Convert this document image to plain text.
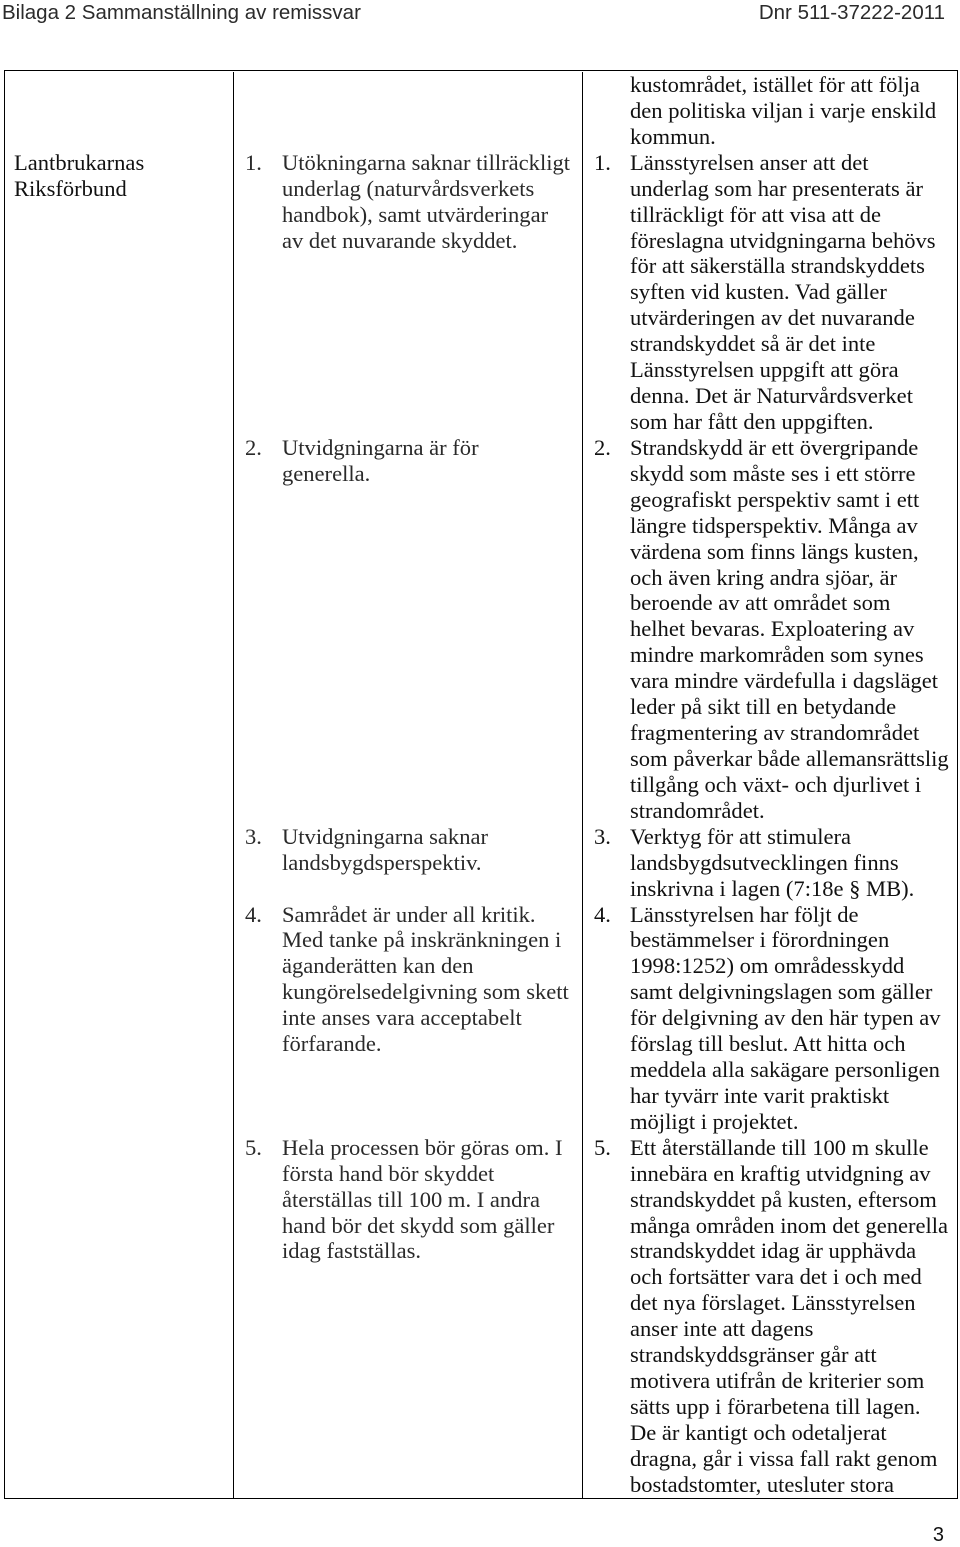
Bilaga 2 Sammanställning av remissvar	Dnr 511-37222-2011
Lantbrukarnas
Riksförbund
kustområdet, istället för att följa
den politiska viljan i varje enskild
kommun.
1. Utökningarna saknar tillräckligt
underlag (naturvårdsverkets
handbok), samt utvärderingar
av det nuvarande skyddet.
1. Länsstyrelsen anser att det
underlag som har presenterats är
tillräckligt för att visa att de
föreslagna utvidgningarna behövs
för att säkerställa strandskyddets
syften vid kusten. Vad gäller
utvärderingen av det nuvarande
strandskyddet så är det inte
Länsstyrelsen uppgift att göra
denna. Det är Naturvårdsverket
som har fått den uppgiften.
2. Utvidgningarna är för
generella.
2. Strandskydd är ett övergripande
skydd som måste ses i ett större
geografiskt perspektiv samt i ett
längre tidsperspektiv. Många av
värdena som finns längs kusten,
och även kring andra sjöar, är
beroende av att området som
helhet bevaras. Exploatering av
mindre markområden som synes
vara mindre värdefulla i dagsläget
leder på sikt till en betydande
fragmentering av strandområdet
som påverkar både allemansrättslig
tillgång och växt- och djurlivet i
strandområdet.
3. Utvidgningarna saknar
landsbygdsperspektiv.
3. Verktyg för att stimulera
landsbygdsutvecklingen finns
inskrivna i lagen (7:18e § MB).
4. Samrådet är under all kritik.
Med tanke på inskränkningen i
äganderätten kan den
kungörelsedelgivning som skett
inte anses vara acceptabelt
förfarande.
4. Länsstyrelsen har följt de
bestämmelser i förordningen
1998:1252) om områdesskydd
samt delgivningslagen som gäller
för delgivning av den här typen av
förslag till beslut. Att hitta och
meddela alla sakägare personligen
har tyvärr inte varit praktiskt
möjligt i projektet.
5. Hela processen bör göras om. I
första hand bör skyddet
återställas till 100 m. I andra
hand bör det skydd som gäller
idag fastställas.
5. Ett återställande till 100 m skulle
innebära en kraftig utvidgning av
strandskyddet på kusten, eftersom
många områden inom det generella
strandskyddet idag är upphävda
och fortsätter vara det i och med
det nya förslaget. Länsstyrelsen
anser inte att dagens
strandskyddsgränser går att
motivera utifrån de kriterier som
sätts upp i förarbetena till lagen.
De är kantigt och odetaljerat
dragna, går i vissa fall rakt genom
bostadstomter, utesluter stora
3
